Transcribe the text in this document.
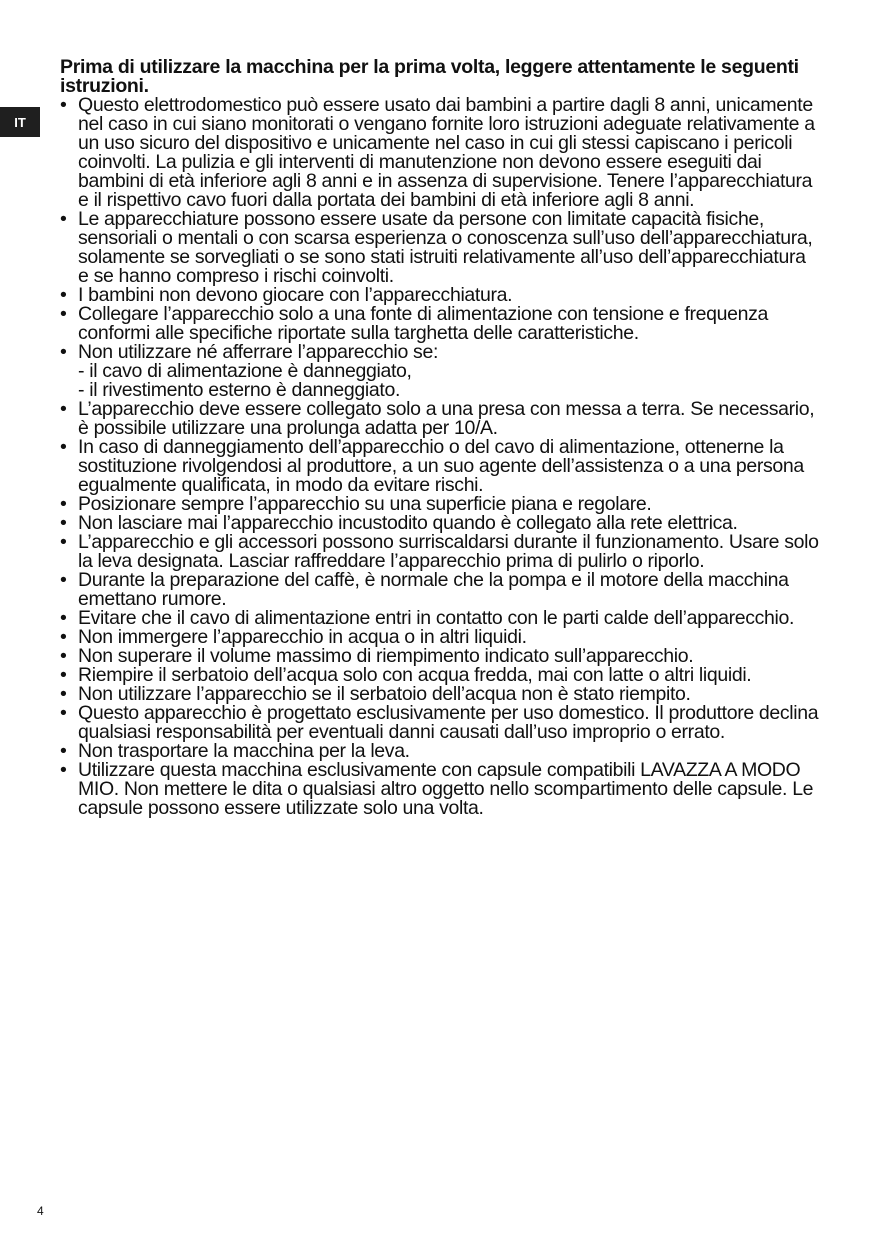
IT

Prima di utilizzare la macchina per la prima volta, leggere attentamente le seguenti istruzioni.

• Questo elettrodomestico può essere usato dai bambini a partire dagli 8 anni, unicamente nel caso in cui siano monitorati o vengano fornite loro istruzioni adeguate relativamente a un uso sicuro del dispositivo e unicamente nel caso in cui gli stessi capiscano i pericoli coinvolti. La pulizia e gli interventi di manutenzione non devono essere eseguiti dai bambini di età inferiore agli 8 anni e in assenza di supervisione. Tenere l’apparecchiatura e il rispettivo cavo fuori dalla portata dei bambini di età inferiore agli 8 anni.
• Le apparecchiature possono essere usate da persone con limitate capacità fisiche, sensoriali o mentali o con scarsa esperienza o conoscenza sull’uso dell’apparecchiatura, solamente se sorvegliati o se sono stati istruiti relativamente all’uso dell’apparecchiatura e se hanno compreso i rischi coinvolti.
• I bambini non devono giocare con l’apparecchiatura.
• Collegare l’apparecchio solo a una fonte di alimentazione con tensione e frequenza conformi alle specifiche riportate sulla targhetta delle caratteristiche.
• Non utilizzare né afferrare l’apparecchio se:
- il cavo di alimentazione è danneggiato,
- il rivestimento esterno è danneggiato.
• L’apparecchio deve essere collegato solo a una presa con messa a terra. Se necessario, è possibile utilizzare una prolunga adatta per 10/A.
• In caso di danneggiamento dell’apparecchio o del cavo di alimentazione, ottenerne la sostituzione rivolgendosi al produttore, a un suo agente dell’assistenza o a una persona egualmente qualificata, in modo da evitare rischi.
• Posizionare sempre l’apparecchio su una superficie piana e regolare.
• Non lasciare mai l’apparecchio incustodito quando è collegato alla rete elettrica.
• L’apparecchio e gli accessori possono surriscaldarsi durante il funzionamento. Usare solo la leva designata. Lasciar raffreddare l’apparecchio prima di pulirlo o riporlo.
• Durante la preparazione del caffè, è normale che la pompa e il motore della macchina emettano rumore.
• Evitare che il cavo di alimentazione entri in contatto con le parti calde dell’apparecchio.
• Non immergere l’apparecchio in acqua o in altri liquidi.
• Non superare il volume massimo di riempimento indicato sull’apparecchio.
• Riempire il serbatoio dell’acqua solo con acqua fredda, mai con latte o altri liquidi.
• Non utilizzare l’apparecchio se il serbatoio dell’acqua non è stato riempito.
• Questo apparecchio è progettato esclusivamente per uso domestico. Il produttore declina qualsiasi responsabilità per eventuali danni causati dall’uso improprio o errato.
• Non trasportare la macchina per la leva.
• Utilizzare questa macchina esclusivamente con capsule compatibili LAVAZZA A MODO MIO. Non mettere le dita o qualsiasi altro oggetto nello scompartimento delle capsule. Le capsule possono essere utilizzate solo una volta.
4
